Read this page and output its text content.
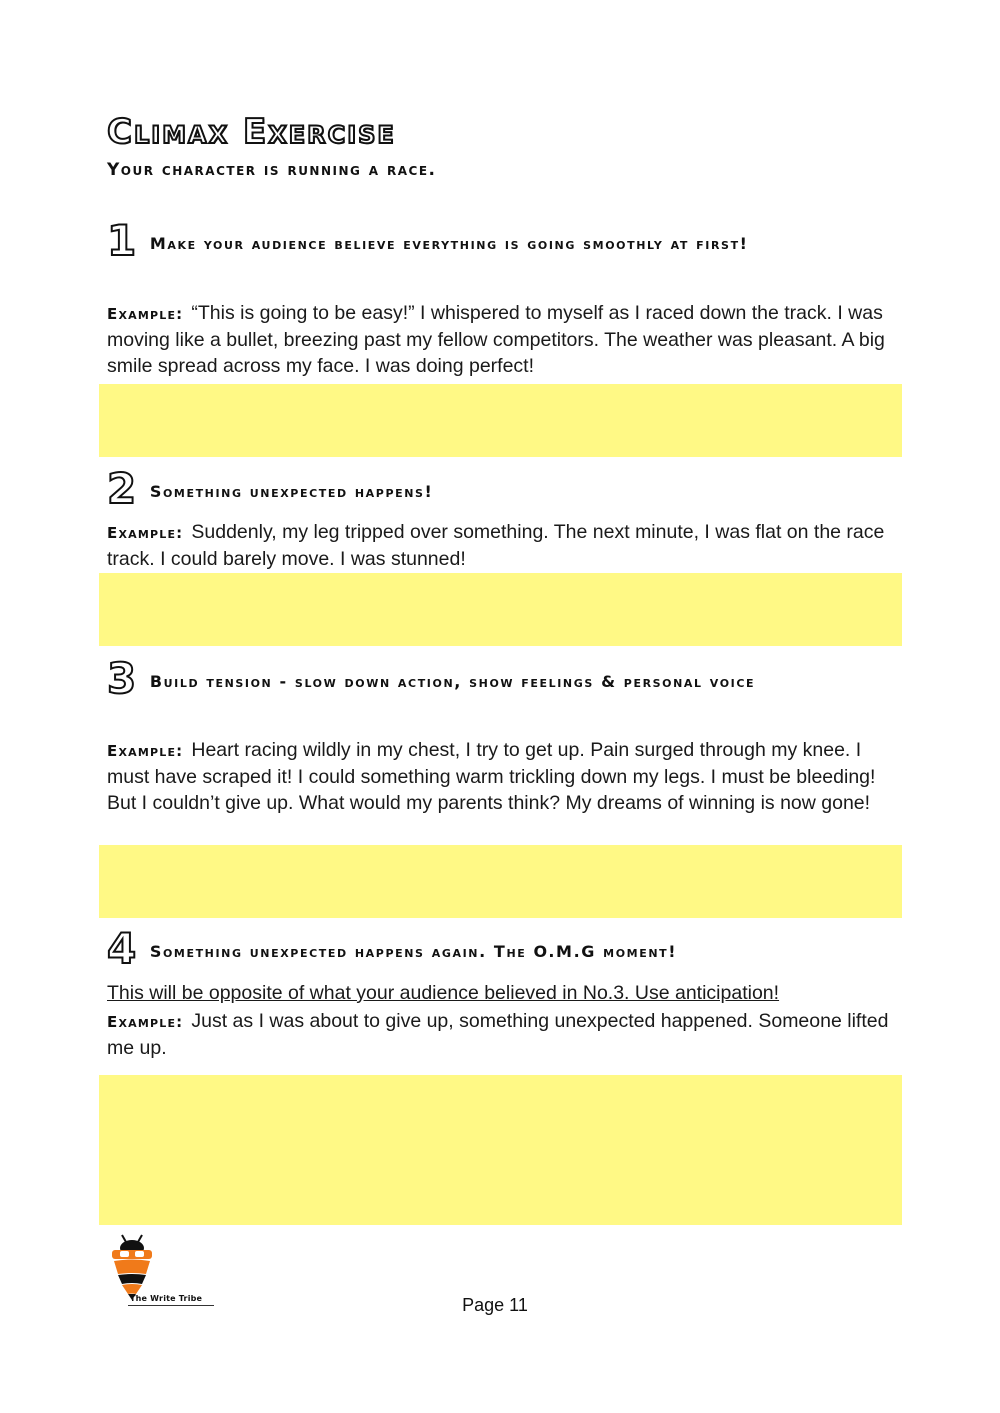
Climax Exercise
Your character is running a race.
1 Make your audience believe everything is going smoothly at first!
Example: “This is going to be easy!” I whispered to myself as I raced down the track. I was moving like a bullet, breezing past my fellow competitors. The weather was pleasant. A big smile spread across my face. I was doing perfect!
2 Something unexpected happens!
Example: Suddenly, my leg tripped over something. The next minute, I was flat on the race track. I could barely move. I was stunned!
3 Build tension - slow down action, show feelings & personal voice
Example: Heart racing wildly in my chest, I try to get up. Pain surged through my knee. I must have scraped it! I could something warm trickling down my legs. I must be bleeding! But I couldn’t give up. What would my parents think? My dreams of winning is now gone!
4 Something unexpected happens again. The O.M.G moment!
This will be opposite of what your audience believed in No.3. Use anticipation!
Example: Just as I was about to give up, something unexpected happened. Someone lifted me up.
The Write Tribe	Page 11
